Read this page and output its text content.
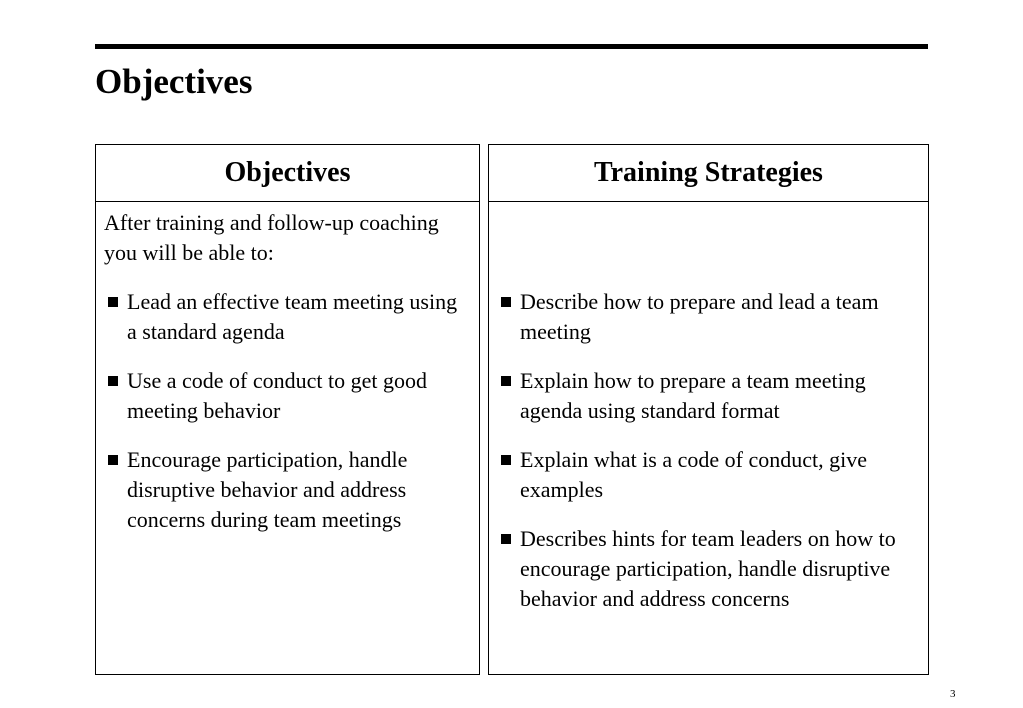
Objectives
Objectives

After training and follow-up coaching you will be able to:

Lead an effective team meeting using a standard agenda
Use a code of conduct to get good meeting behavior
Encourage participation, handle disruptive behavior and address concerns during team meetings
Training Strategies
Describe how to prepare and lead a team meeting
Explain how to prepare a team meeting agenda using standard format
Explain what is a code of conduct, give examples
Describes hints for team leaders on how to encourage participation, handle disruptive behavior and address concerns
3
